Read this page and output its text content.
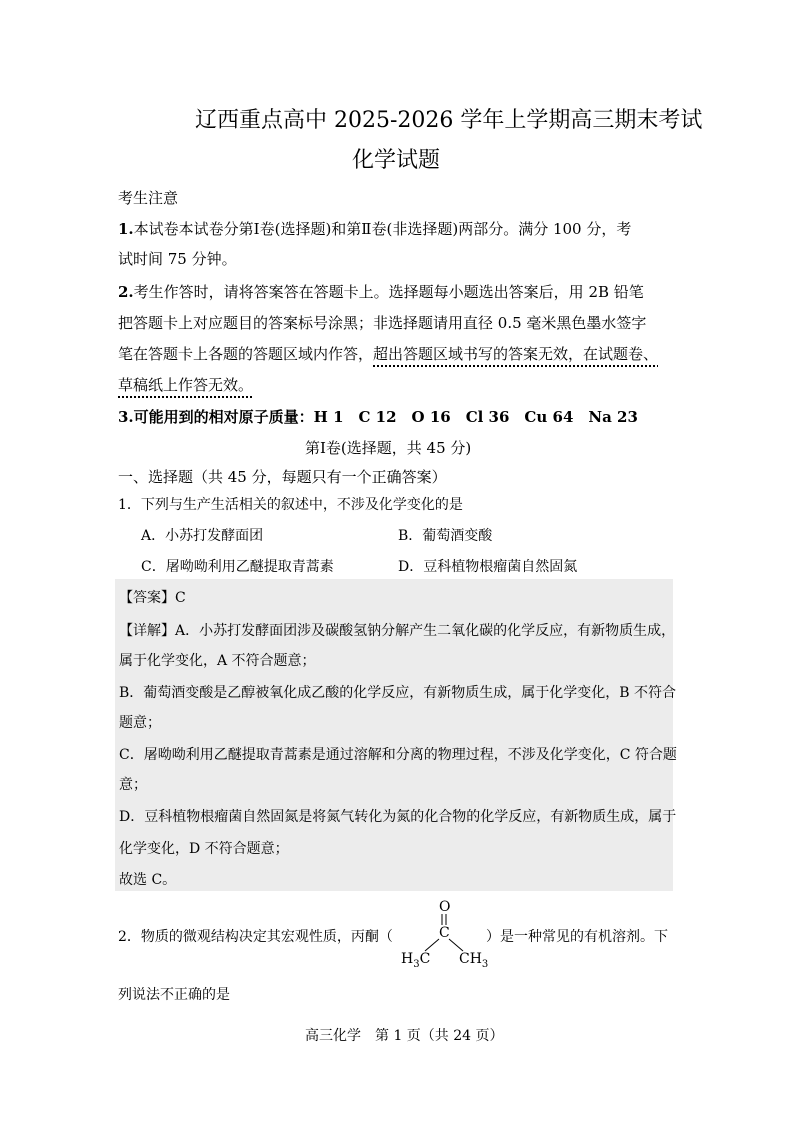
辽西重点高中 2025-2026 学年上学期高三期末考试
化学试题
考生注意
1.本试卷本试卷分第Ⅰ卷(选择题)和第Ⅱ卷(非选择题)两部分。满分 100 分，考
试时间 75 分钟。
2.考生作答时，请将答案答在答题卡上。选择题每小题选出答案后，用 2B 铅笔
把答题卡上对应题目的答案标号涂黑；非选择题请用直径 0.5 毫米黑色墨水签字
笔在答题卡上各题的答题区域内作答，超出答题区域书写的答案无效，在试题卷、
草稿纸上作答无效。
3.可能用到的相对原子质量：H 1　C 12　O 16　Cl 36　Cu 64　Na 23
第Ⅰ卷(选择题，共 45 分)
一、选择题（共 45 分，每题只有一个正确答案）
1．下列与生产生活相关的叙述中，不涉及化学变化的是
A．小苏打发酵面团	B．葡萄酒变酸
C．屠呦呦利用乙醚提取青蒿素	D．豆科植物根瘤菌自然固氮
【答案】C
【详解】A．小苏打发酵面团涉及碳酸氢钠分解产生二氧化碳的化学反应，有新物质生成，
属于化学变化，A 不符合题意；
B．葡萄酒变酸是乙醇被氧化成乙酸的化学反应，有新物质生成，属于化学变化，B 不符合
题意；
C．屠呦呦利用乙醚提取青蒿素是通过溶解和分离的物理过程，不涉及化学变化，C 符合题
意；
D．豆科植物根瘤菌自然固氮是将氮气转化为氮的化合物的化学反应，有新物质生成，属于
化学变化，D 不符合题意；
故选 C。
2．物质的微观结构决定其宏观性质，丙酮（	）是一种常见的有机溶剂。下
O
C
$H_3C$ $CH_3$
列说法不正确的是
高三化学　第 1 页（共 24 页）
